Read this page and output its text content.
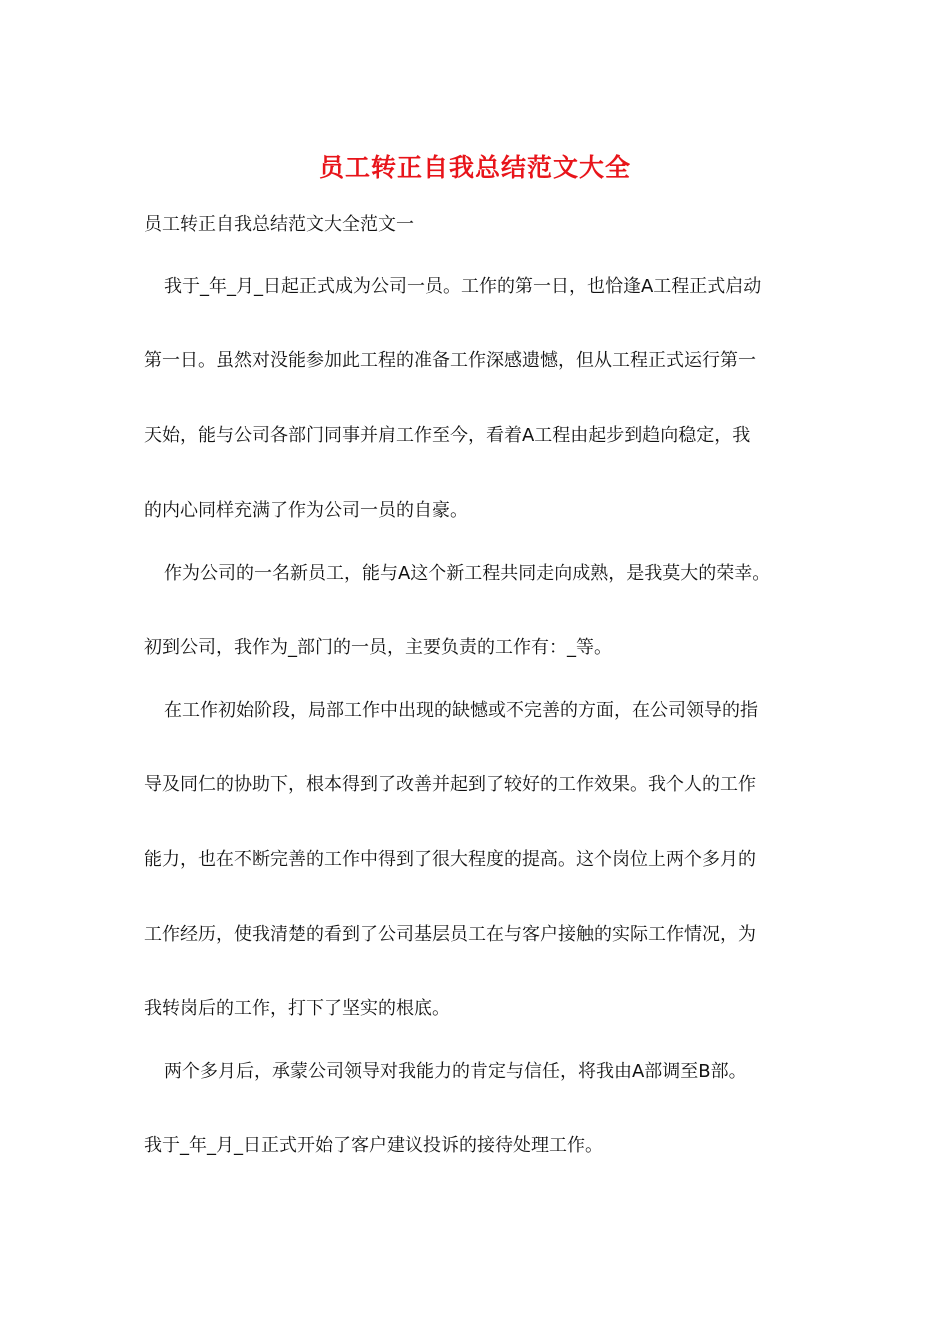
员工转正自我总结范文大全
员工转正自我总结范文大全范文一
我于_年_月_日起正式成为公司一员。工作的第一日，也恰逢A工程正式启动
第一日。虽然对没能参加此工程的准备工作深感遗憾，但从工程正式运行第一
天始，能与公司各部门同事并肩工作至今，看着A工程由起步到趋向稳定，我
的内心同样充满了作为公司一员的自豪。
作为公司的一名新员工，能与A这个新工程共同走向成熟，是我莫大的荣幸。
初到公司，我作为_部门的一员，主要负责的工作有：_等。
在工作初始阶段，局部工作中出现的缺憾或不完善的方面，在公司领导的指
导及同仁的协助下，根本得到了改善并起到了较好的工作效果。我个人的工作
能力，也在不断完善的工作中得到了很大程度的提高。这个岗位上两个多月的
工作经历，使我清楚的看到了公司基层员工在与客户接触的实际工作情况，为
我转岗后的工作，打下了坚实的根底。
两个多月后，承蒙公司领导对我能力的肯定与信任，将我由A部调至B部。
我于_年_月_日正式开始了客户建议投诉的接待处理工作。
